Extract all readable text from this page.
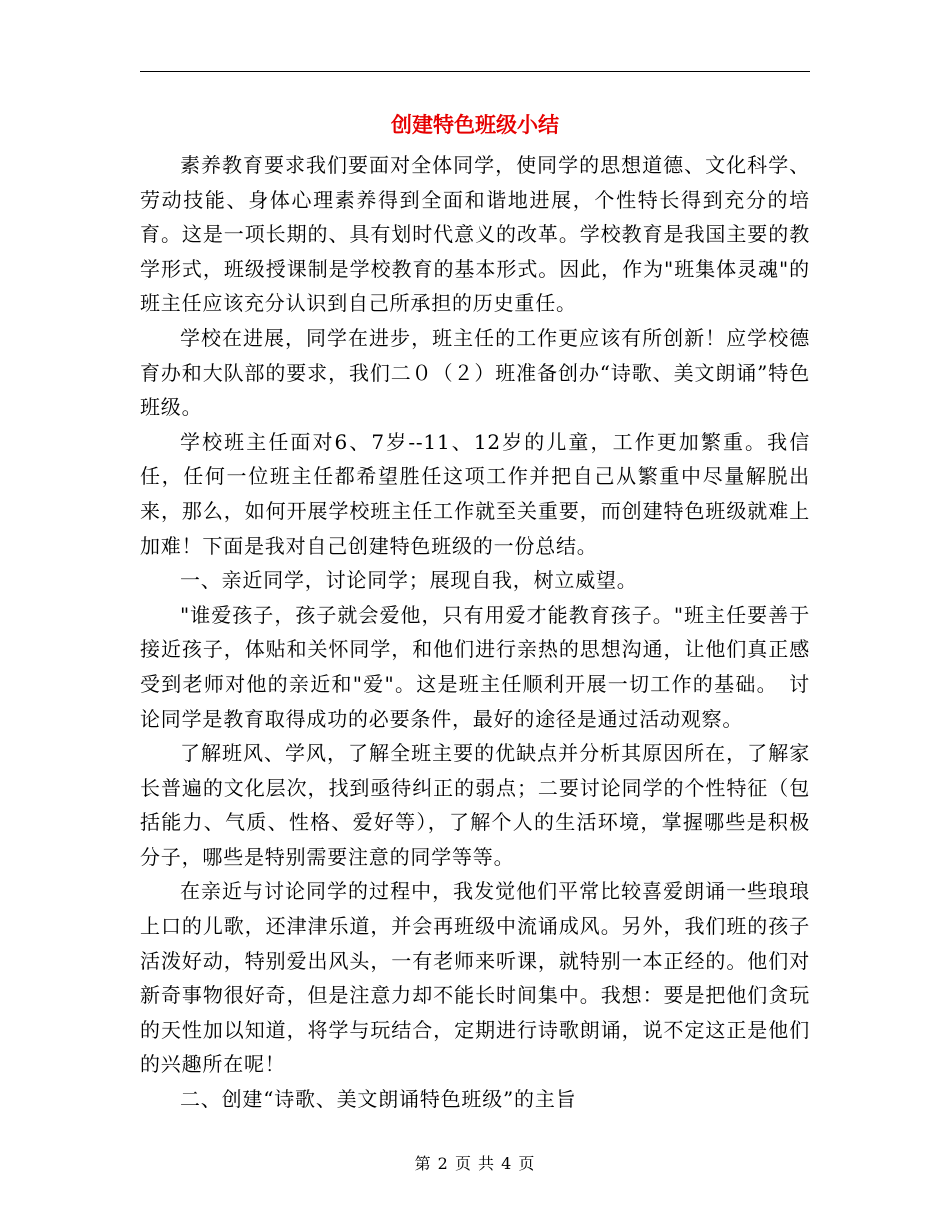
创建特色班级小结

素养教育要求我们要面对全体同学，使同学的思想道德、文化科学、劳动技能、身体心理素养得到全面和谐地进展，个性特长得到充分的培育。这是一项长期的、具有划时代意义的改革。学校教育是我国主要的教学形式，班级授课制是学校教育的基本形式。因此，作为"班集体灵魂"的班主任应该充分认识到自己所承担的历史重任。

学校在进展，同学在进步，班主任的工作更应该有所创新！应学校德育办和大队部的要求，我们二０（２）班准备创办“诗歌、美文朗诵”特色班级。

学校班主任面对6、7岁--11、12岁的儿童，工作更加繁重。我信任，任何一位班主任都希望胜任这项工作并把自己从繁重中尽量解脱出来，那么，如何开展学校班主任工作就至关重要，而创建特色班级就难上加难！下面是我对自己创建特色班级的一份总结。

一、亲近同学，讨论同学；展现自我，树立威望。

"谁爱孩子，孩子就会爱他，只有用爱才能教育孩子。"班主任要善于接近孩子，体贴和关怀同学，和他们进行亲热的思想沟通，让他们真正感受到老师对他的亲近和"爱"。这是班主任顺利开展一切工作的基础。　讨论同学是教育取得成功的必要条件，最好的途径是通过活动观察。

了解班风、学风，了解全班主要的优缺点并分析其原因所在，了解家长普遍的文化层次，找到亟待纠正的弱点；二要讨论同学的个性特征（包括能力、气质、性格、爱好等），了解个人的生活环境，掌握哪些是积极分子，哪些是特别需要注意的同学等等。

在亲近与讨论同学的过程中，我发觉他们平常比较喜爱朗诵一些琅琅上口的儿歌，还津津乐道，并会再班级中流诵成风。另外，我们班的孩子活泼好动，特别爱出风头，一有老师来听课，就特别一本正经的。他们对新奇事物很好奇，但是注意力却不能长时间集中。我想：要是把他们贪玩的天性加以知道，将学与玩结合，定期进行诗歌朗诵，说不定这正是他们的兴趣所在呢！

二、创建“诗歌、美文朗诵特色班级”的主旨

第 2 页 共 4 页
